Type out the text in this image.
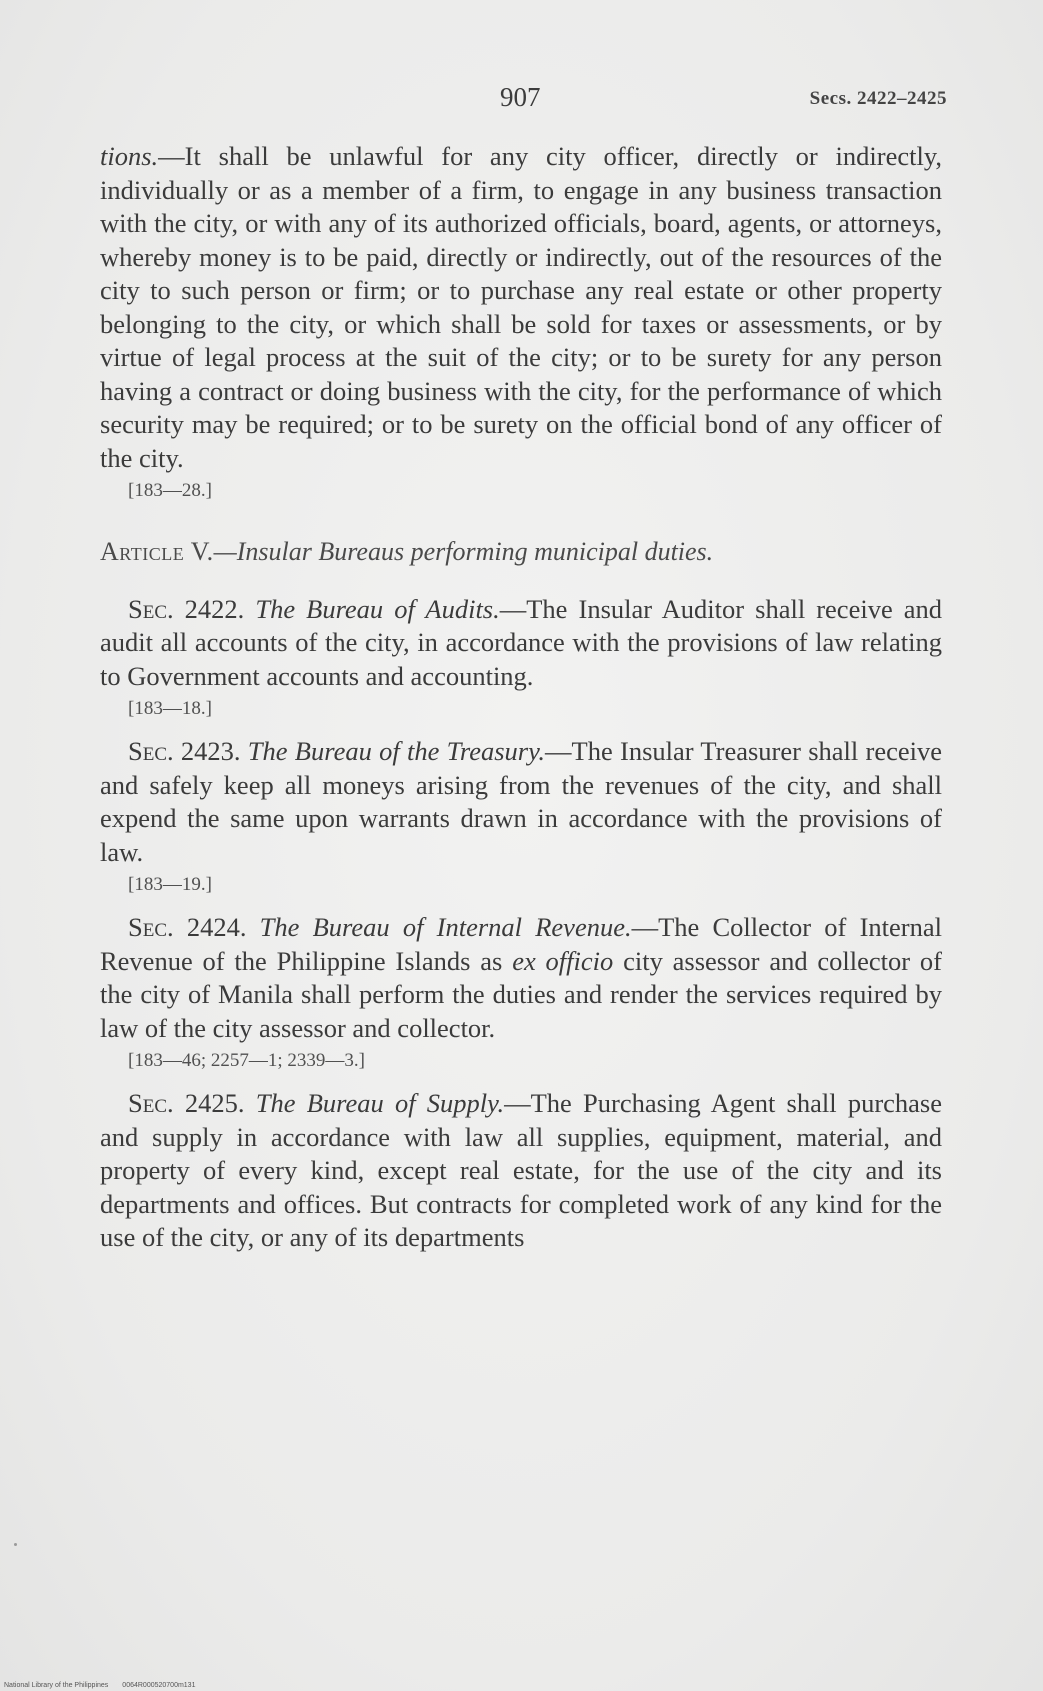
907	Secs. 2422–2425

tions.—It shall be unlawful for any city officer, directly or indirectly, individually or as a member of a firm, to engage in any business transaction with the city, or with any of its authorized officials, board, agents, or attorneys, whereby money is to be paid, directly or indirectly, out of the resources of the city to such person or firm; or to purchase any real estate or other property belonging to the city, or which shall be sold for taxes or assessments, or by virtue of legal process at the suit of the city; or to be surety for any person having a contract or doing business with the city, for the performance of which security may be required; or to be surety on the official bond of any officer of the city.

[183—28.]

Article V.—Insular Bureaus performing municipal duties.

Sec. 2422. The Bureau of Audits.—The Insular Auditor shall receive and audit all accounts of the city, in accordance with the provisions of law relating to Government accounts and accounting.

[183—18.]

Sec. 2423. The Bureau of the Treasury.—The Insular Treasurer shall receive and safely keep all moneys arising from the revenues of the city, and shall expend the same upon warrants drawn in accordance with the provisions of law.

[183—19.]

Sec. 2424. The Bureau of Internal Revenue.—The Collector of Internal Revenue of the Philippine Islands as ex officio city assessor and collector of the city of Manila shall perform the duties and render the services required by law of the city assessor and collector.

[183—46; 2257—1; 2339—3.]

Sec. 2425. The Bureau of Supply.—The Purchasing Agent shall purchase and supply in accordance with law all supplies, equipment, material, and property of every kind, except real estate, for the use of the city and its departments and offices. But contracts for completed work of any kind for the use of the city, or any of its departments

National Library of the Philippines 0064R000520700m131
